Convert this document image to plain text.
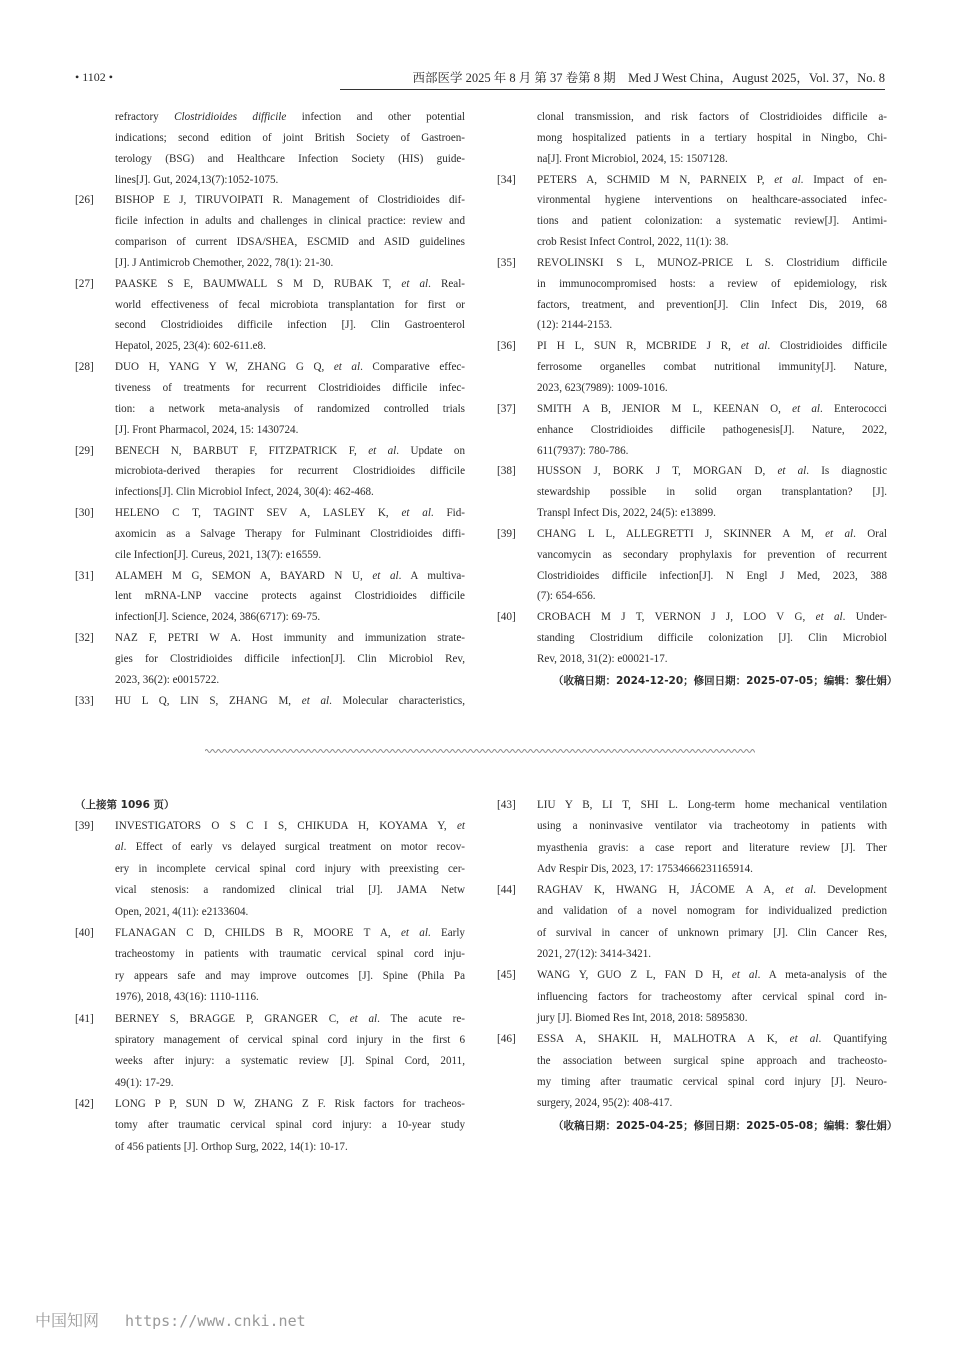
• 1102 •	西部医学 2025 年 8 月 第 37 卷第 8 期　Med J West China，August 2025，Vol. 37，No. 8
refractory Clostridioides difficile infection and other potential
indications; second edition of joint British Society of Gastroen-
terology (BSG) and Healthcare Infection Society (HIS) guide-
lines[J]. Gut, 2024,13(7):1052-1075.
[26] BISHOP E J, TIRUVOIPATI R. Management of Clostridioides dif-
ficile infection in adults and challenges in clinical practice: review and
comparison of current IDSA/SHEA, ESCMID and ASID guidelines
[J]. J Antimicrob Chemother, 2022, 78(1): 21-30.
[27] PAASKE S E, BAUMWALL S M D, RUBAK T, et al. Real-
world effectiveness of fecal microbiota transplantation for first or
second Clostridioides difficile infection [J]. Clin Gastroenterol
Hepatol, 2025, 23(4): 602-611.e8.
[28] DUO H, YANG Y W, ZHANG G Q, et al. Comparative effec-
tiveness of treatments for recurrent Clostridioides difficile infec-
tion: a network meta-analysis of randomized controlled trials
[J]. Front Pharmacol, 2024, 15: 1430724.
[29] BENECH N, BARBUT F, FITZPATRICK F, et al. Update on
microbiota-derived therapies for recurrent Clostridioides difficile
infections[J]. Clin Microbiol Infect, 2024, 30(4): 462-468.
[30] HELENO C T, TAGINT SEV A, LASLEY K, et al. Fid-
axomicin as a Salvage Therapy for Fulminant Clostridioides diffi-
cile Infection[J]. Cureus, 2021, 13(7): e16559.
[31] ALAMEH M G, SEMON A, BAYARD N U, et al. A multiva-
lent mRNA-LNP vaccine protects against Clostridioides difficile
infection[J]. Science, 2024, 386(6717): 69-75.
[32] NAZ F, PETRI W A. Host immunity and immunization strate-
gies for Clostridioides difficile infection[J]. Clin Microbiol Rev,
2023, 36(2): e0015722.
[33] HU L Q, LIN S, ZHANG M, et al. Molecular characteristics,
clonal transmission, and risk factors of Clostridioides difficile a-
mong hospitalized patients in a tertiary hospital in Ningbo, Chi-
na[J]. Front Microbiol, 2024, 15: 1507128.
[34] PETERS A, SCHMID M N, PARNEIX P, et al. Impact of en-
vironmental hygiene interventions on healthcare-associated infec-
tions and patient colonization: a systematic review[J]. Antimi-
crob Resist Infect Control, 2022, 11(1): 38.
[35] REVOLINSKI S L, MUNOZ-PRICE L S. Clostridium difficile
in immunocompromised hosts: a review of epidemiology, risk
factors, treatment, and prevention[J]. Clin Infect Dis, 2019, 68
(12): 2144-2153.
[36] PI H L, SUN R, MCBRIDE J R, et al. Clostridioides difficile
ferrosome organelles combat nutritional immunity[J]. Nature,
2023, 623(7989): 1009-1016.
[37] SMITH A B, JENIOR M L, KEENAN O, et al. Enterococci
enhance Clostridioides difficile pathogenesis[J]. Nature, 2022,
611(7937): 780-786.
[38] HUSSON J, BORK J T, MORGAN D, et al. Is diagnostic
stewardship possible in solid organ transplantation? [J].
Transpl Infect Dis, 2022, 24(5): e13899.
[39] CHANG L L, ALLEGRETTI J, SKINNER A M, et al. Oral
vancomycin as secondary prophylaxis for prevention of recurrent
Clostridioides difficile infection[J]. N Engl J Med, 2023, 388
(7): 654-656.
[40] CROBACH M J T, VERNON J J, LOO V G, et al. Under-
standing Clostridium difficile colonization [J]. Clin Microbiol
Rev, 2018, 31(2): e00021-17.
（收稿日期：2024-12-20；修回日期：2025-07-05；编辑：黎仕娟）
（上接第 1096 页）
[39] INVESTIGATORS O S C I S, CHIKUDA H, KOYAMA Y, et
al. Effect of early vs delayed surgical treatment on motor recov-
ery in incomplete cervical spinal cord injury with preexisting cer-
vical stenosis: a randomized clinical trial [J]. JAMA Netw
Open, 2021, 4(11): e2133604.
[40] FLANAGAN C D, CHILDS B R, MOORE T A, et al. Early
tracheostomy in patients with traumatic cervical spinal cord inju-
ry appears safe and may improve outcomes [J]. Spine (Phila Pa
1976), 2018, 43(16): 1110-1116.
[41] BERNEY S, BRAGGE P, GRANGER C, et al. The acute re-
spiratory management of cervical spinal cord injury in the first 6
weeks after injury: a systematic review [J]. Spinal Cord, 2011,
49(1): 17-29.
[42] LONG P P, SUN D W, ZHANG Z F. Risk factors for tracheos-
tomy after traumatic cervical spinal cord injury: a 10-year study
of 456 patients [J]. Orthop Surg, 2022, 14(1): 10-17.
[43] LIU Y B, LI T, SHI L. Long-term home mechanical ventilation
using a noninvasive ventilator via tracheotomy in patients with
myasthenia gravis: a case report and literature review [J]. Ther
Adv Respir Dis, 2023, 17: 17534666231165914.
[44] RAGHAV K, HWANG H, JÁCOME A A, et al. Development
and validation of a novel nomogram for individualized prediction
of survival in cancer of unknown primary [J]. Clin Cancer Res,
2021, 27(12): 3414-3421.
[45] WANG Y, GUO Z L, FAN D H, et al. A meta-analysis of the
influencing factors for tracheostomy after cervical spinal cord in-
jury [J]. Biomed Res Int, 2018, 2018: 5895830.
[46] ESSA A, SHAKIL H, MALHOTRA A K, et al. Quantifying
the association between surgical spine approach and tracheosto-
my timing after traumatic cervical spinal cord injury [J]. Neuro-
surgery, 2024, 95(2): 408-417.
（收稿日期：2025-04-25；修回日期：2025-05-08；编辑：黎仕娟）
中国知网 https://www.cnki.net
